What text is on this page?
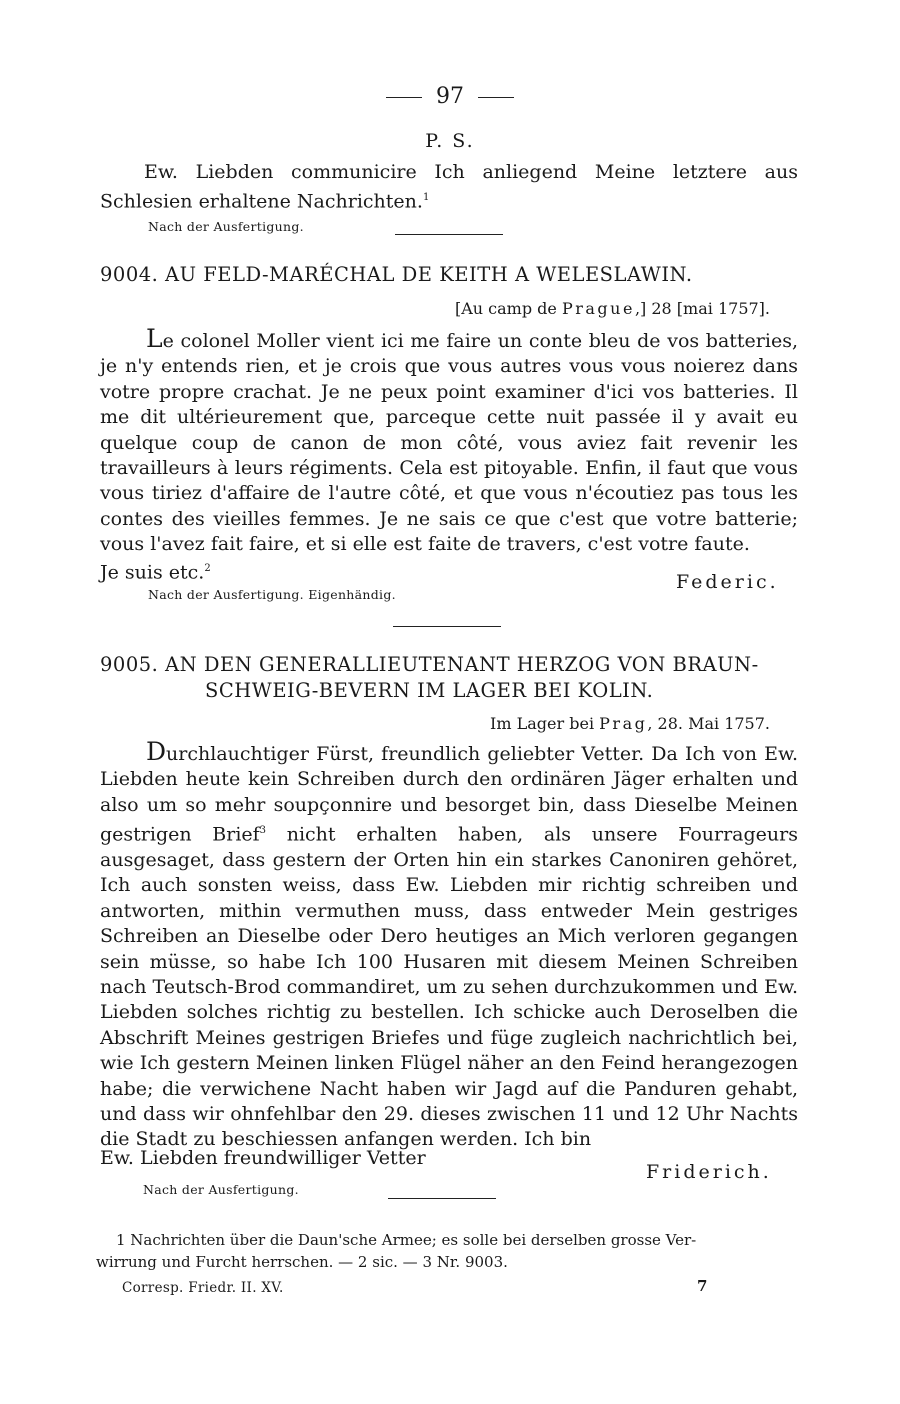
97
P. S.
Ew. Liebden communicire Ich anliegend Meine letztere aus Schlesien erhaltene Nachrichten.$^1$
Nach der Ausfertigung.
9004. AU FELD-MARÉCHAL DE KEITH A WELESLAWIN.
[Au camp de Prague,] 28 [mai 1757].
Le colonel Moller vient ici me faire un conte bleu de vos batteries, je n'y entends rien, et je crois que vous autres vous vous noierez dans votre propre crachat. Je ne peux point examiner d'ici vos batteries. Il me dit ultérieurement que, parceque cette nuit passée il y avait eu quelque coup de canon de mon côté, vous aviez fait revenir les travailleurs à leurs régiments. Cela est pitoyable. Enfin, il faut que vous vous tiriez d'affaire de l'autre côté, et que vous n'écoutiez pas tous les contes des vieilles femmes. Je ne sais ce que c'est que votre batterie; vous l'avez fait faire, et si elle est faite de travers, c'est votre faute.
Je suis etc.$^2$
Federic.
Nach der Ausfertigung. Eigenhändig.
9005. AN DEN GENERALLIEUTENANT HERZOG VON BRAUN-
SCHWEIG-BEVERN IM LAGER BEI KOLIN.
Im Lager bei Prag, 28. Mai 1757.
Durchlauchtiger Fürst, freundlich geliebter Vetter. Da Ich von Ew. Liebden heute kein Schreiben durch den ordinären Jäger erhalten und also um so mehr soupçonnire und besorget bin, dass Dieselbe Meinen gestrigen Brief$^3$ nicht erhalten haben, als unsere Fourrageurs ausgesaget, dass gestern der Orten hin ein starkes Canoniren gehöret, Ich auch sonsten weiss, dass Ew. Liebden mir richtig schreiben und antworten, mithin vermuthen muss, dass entweder Mein gestriges Schreiben an Dieselbe oder Dero heutiges an Mich verloren gegangen sein müsse, so habe Ich 100 Husaren mit diesem Meinen Schreiben nach Teutsch-Brod commandiret, um zu sehen durchzukommen und Ew. Liebden solches richtig zu bestellen. Ich schicke auch Deroselben die Abschrift Meines gestrigen Briefes und füge zugleich nachrichtlich bei, wie Ich gestern Meinen linken Flügel näher an den Feind herangezogen habe; die verwichene Nacht haben wir Jagd auf die Panduren gehabt, und dass wir ohnfehlbar den 29. dieses zwischen 11 und 12 Uhr Nachts die Stadt zu beschiessen anfangen werden. Ich bin
Ew. Liebden freundwilliger Vetter
Friderich.
Nach der Ausfertigung.
1 Nachrichten über die Daun'sche Armee; es solle bei derselben grosse Ver-
wirrung und Furcht herrschen. — 2 sic. — 3 Nr. 9003.
Corresp. Friedr. II. XV.	7
